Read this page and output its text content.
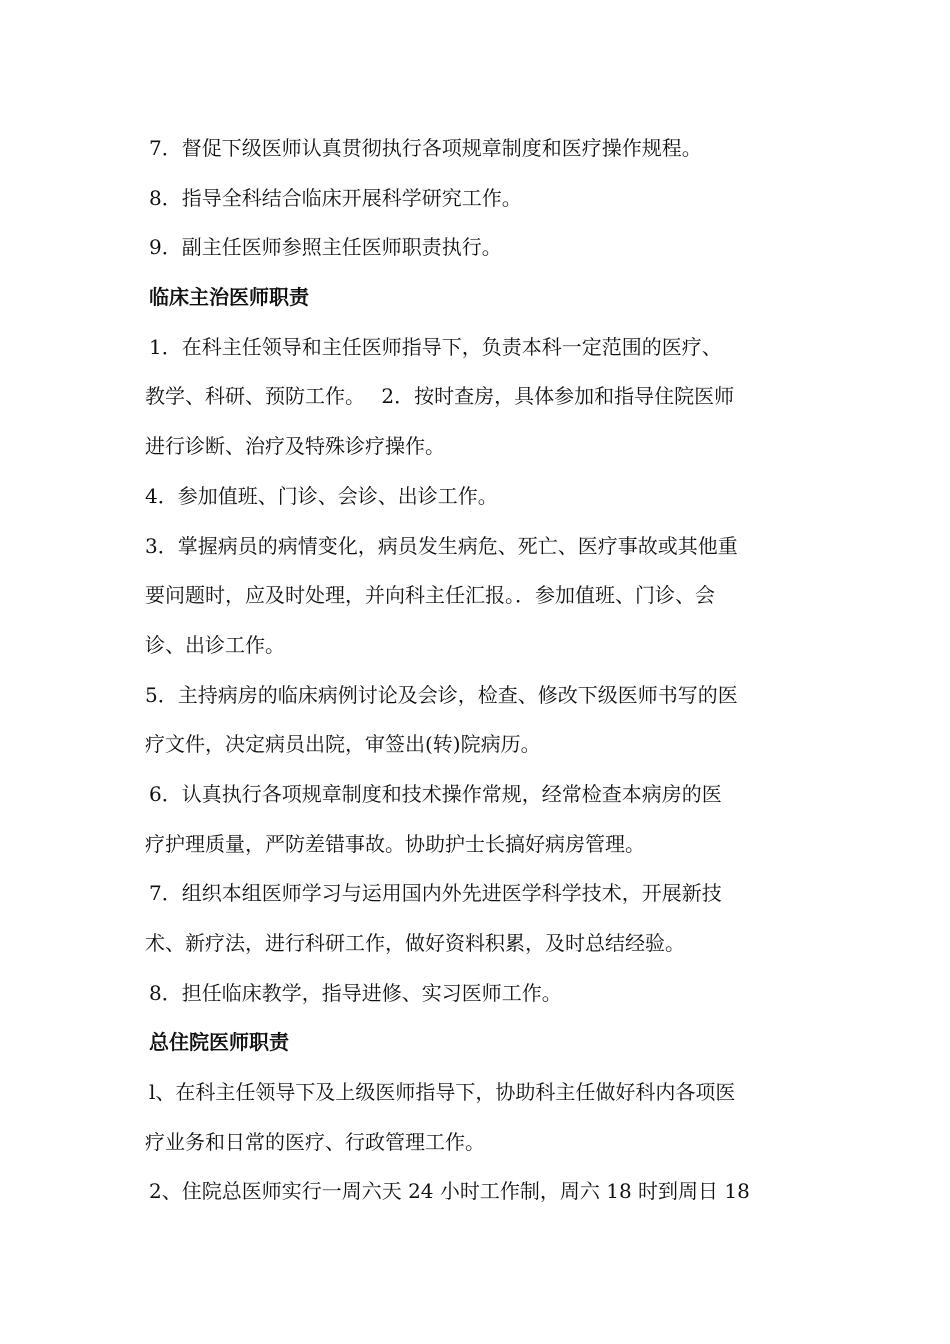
7．督促下级医师认真贯彻执行各项规章制度和医疗操作规程。
8．指导全科结合临床开展科学研究工作。
9．副主任医师参照主任医师职责执行。
临床主治医师职责
1．在科主任领导和主任医师指导下，负责本科一定范围的医疗、
教学、科研、预防工作。　 2．按时查房，具体参加和指导住院医师
进行诊断、治疗及特殊诊疗操作。
4．参加值班、门诊、会诊、出诊工作。
3．掌握病员的病情变化，病员发生病危、死亡、医疗事故或其他重
要问题时，应及时处理，并向科主任汇报。．参加值班、门诊、会
诊、出诊工作。
5．主持病房的临床病例讨论及会诊，检查、修改下级医师书写的医
疗文件，决定病员出院，审签出(转)院病历。
6．认真执行各项规章制度和技术操作常规，经常检查本病房的医
疗护理质量，严防差错事故。协助护士长搞好病房管理。
7．组织本组医师学习与运用国内外先进医学科学技术，开展新技
术、新疗法，进行科研工作，做好资料积累，及时总结经验。
8．担任临床教学，指导进修、实习医师工作。
总住院医师职责
l、在科主任领导下及上级医师指导下，协助科主任做好科内各项医
疗业务和日常的医疗、行政管理工作。
2、住院总医师实行一周六天 24 小时工作制，周六 18 时到周日 18
